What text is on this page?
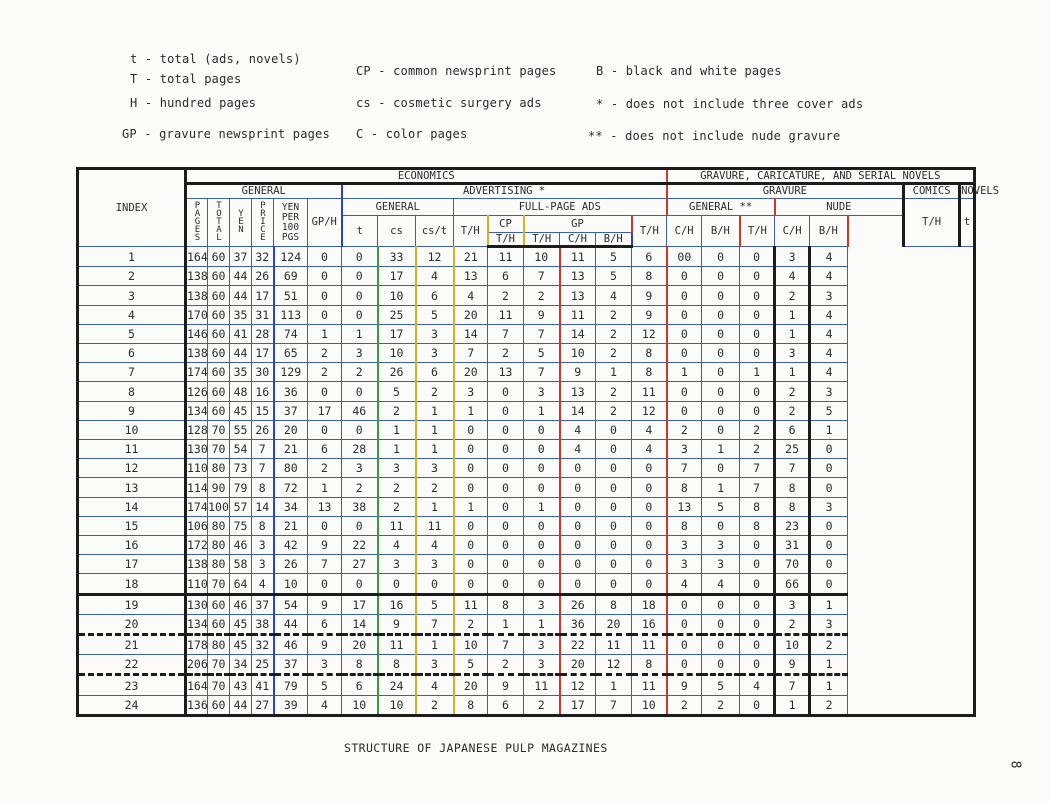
t - total (ads, novels)
T - total pages
H - hundred pages
GP - gravure newsprint pages
CP - common newsprint pages
cs - cosmetic surgery ads
C - color pages
B - black and white pages
* - does not include three cover ads
** - does not include nude gravure
INDEX	ECONOMICS															GRAVURE, CARICATURE, AND SERIAL NOVELS						
	GENERAL						ADVERTISING *									GRAVURE					COMICS	NOVELS
	PAGES	TOTAL	YEN	PRICE	YEN PER 100 PGS	GP/H	GENERAL			FULL-PAGE ADS						GENERAL **			NUDE		T/H	t
							t	cs	cs/t	T/H	CP	GP			T/H	C/H	B/H	T/H	C/H	B/H		
											T/H	T/H	C/H	B/H								
1	164	60	37	32	124	0	0	33	12	21	11	10	11	5	6	00	0	0	3	4		
2	138	60	44	26	69	0	0	17	4	13	6	7	13	5	8	0	0	0	4	4		
3	138	60	44	17	51	0	0	10	6	4	2	2	13	4	9	0	0	0	2	3		
4	170	60	35	31	113	0	0	25	5	20	11	9	11	2	9	0	0	0	1	4		
5	146	60	41	28	74	1	1	17	3	14	7	7	14	2	12	0	0	0	1	4		
6	138	60	44	17	65	2	3	10	3	7	2	5	10	2	8	0	0	0	3	4		
7	174	60	35	30	129	2	2	26	6	20	13	7	9	1	8	1	0	1	1	4		
8	126	60	48	16	36	0	0	5	2	3	0	3	13	2	11	0	0	0	2	3		
9	134	60	45	15	37	17	46	2	1	1	0	1	14	2	12	0	0	0	2	5		
10	128	70	55	26	20	0	0	1	1	0	0	0	4	0	4	2	0	2	6	1		
11	130	70	54	7	21	6	28	1	1	0	0	0	4	0	4	3	1	2	25	0		
12	110	80	73	7	80	2	3	3	3	0	0	0	0	0	0	7	0	7	7	0		
13	114	90	79	8	72	1	2	2	2	0	0	0	0	0	0	8	1	7	8	0		
14	174	100	57	14	34	13	38	2	1	1	0	1	0	0	0	13	5	8	8	3		
15	106	80	75	8	21	0	0	11	11	0	0	0	0	0	0	8	0	8	23	0		
16	172	80	46	3	42	9	22	4	4	0	0	0	0	0	0	3	3	0	31	0		
17	138	80	58	3	26	7	27	3	3	0	0	0	0	0	0	3	3	0	70	0		
18	110	70	64	4	10	0	0	0	0	0	0	0	0	0	0	4	4	0	66	0		
19	130	60	46	37	54	9	17	16	5	11	8	3	26	8	18	0	0	0	3	1		
20	134	60	45	38	44	6	14	9	7	2	1	1	36	20	16	0	0	0	2	3		
21	178	80	45	32	46	9	20	11	1	10	7	3	22	11	11	0	0	0	10	2		
22	206	70	34	25	37	3	8	8	3	5	2	3	20	12	8	0	0	0	9	1		
23	164	70	43	41	79	5	6	24	4	20	9	11	12	1	11	9	5	4	7	1		
24	136	60	44	27	39	4	10	10	2	8	6	2	17	7	10	2	2	0	1	2		
STRUCTURE OF JAPANESE PULP MAGAZINES
8
